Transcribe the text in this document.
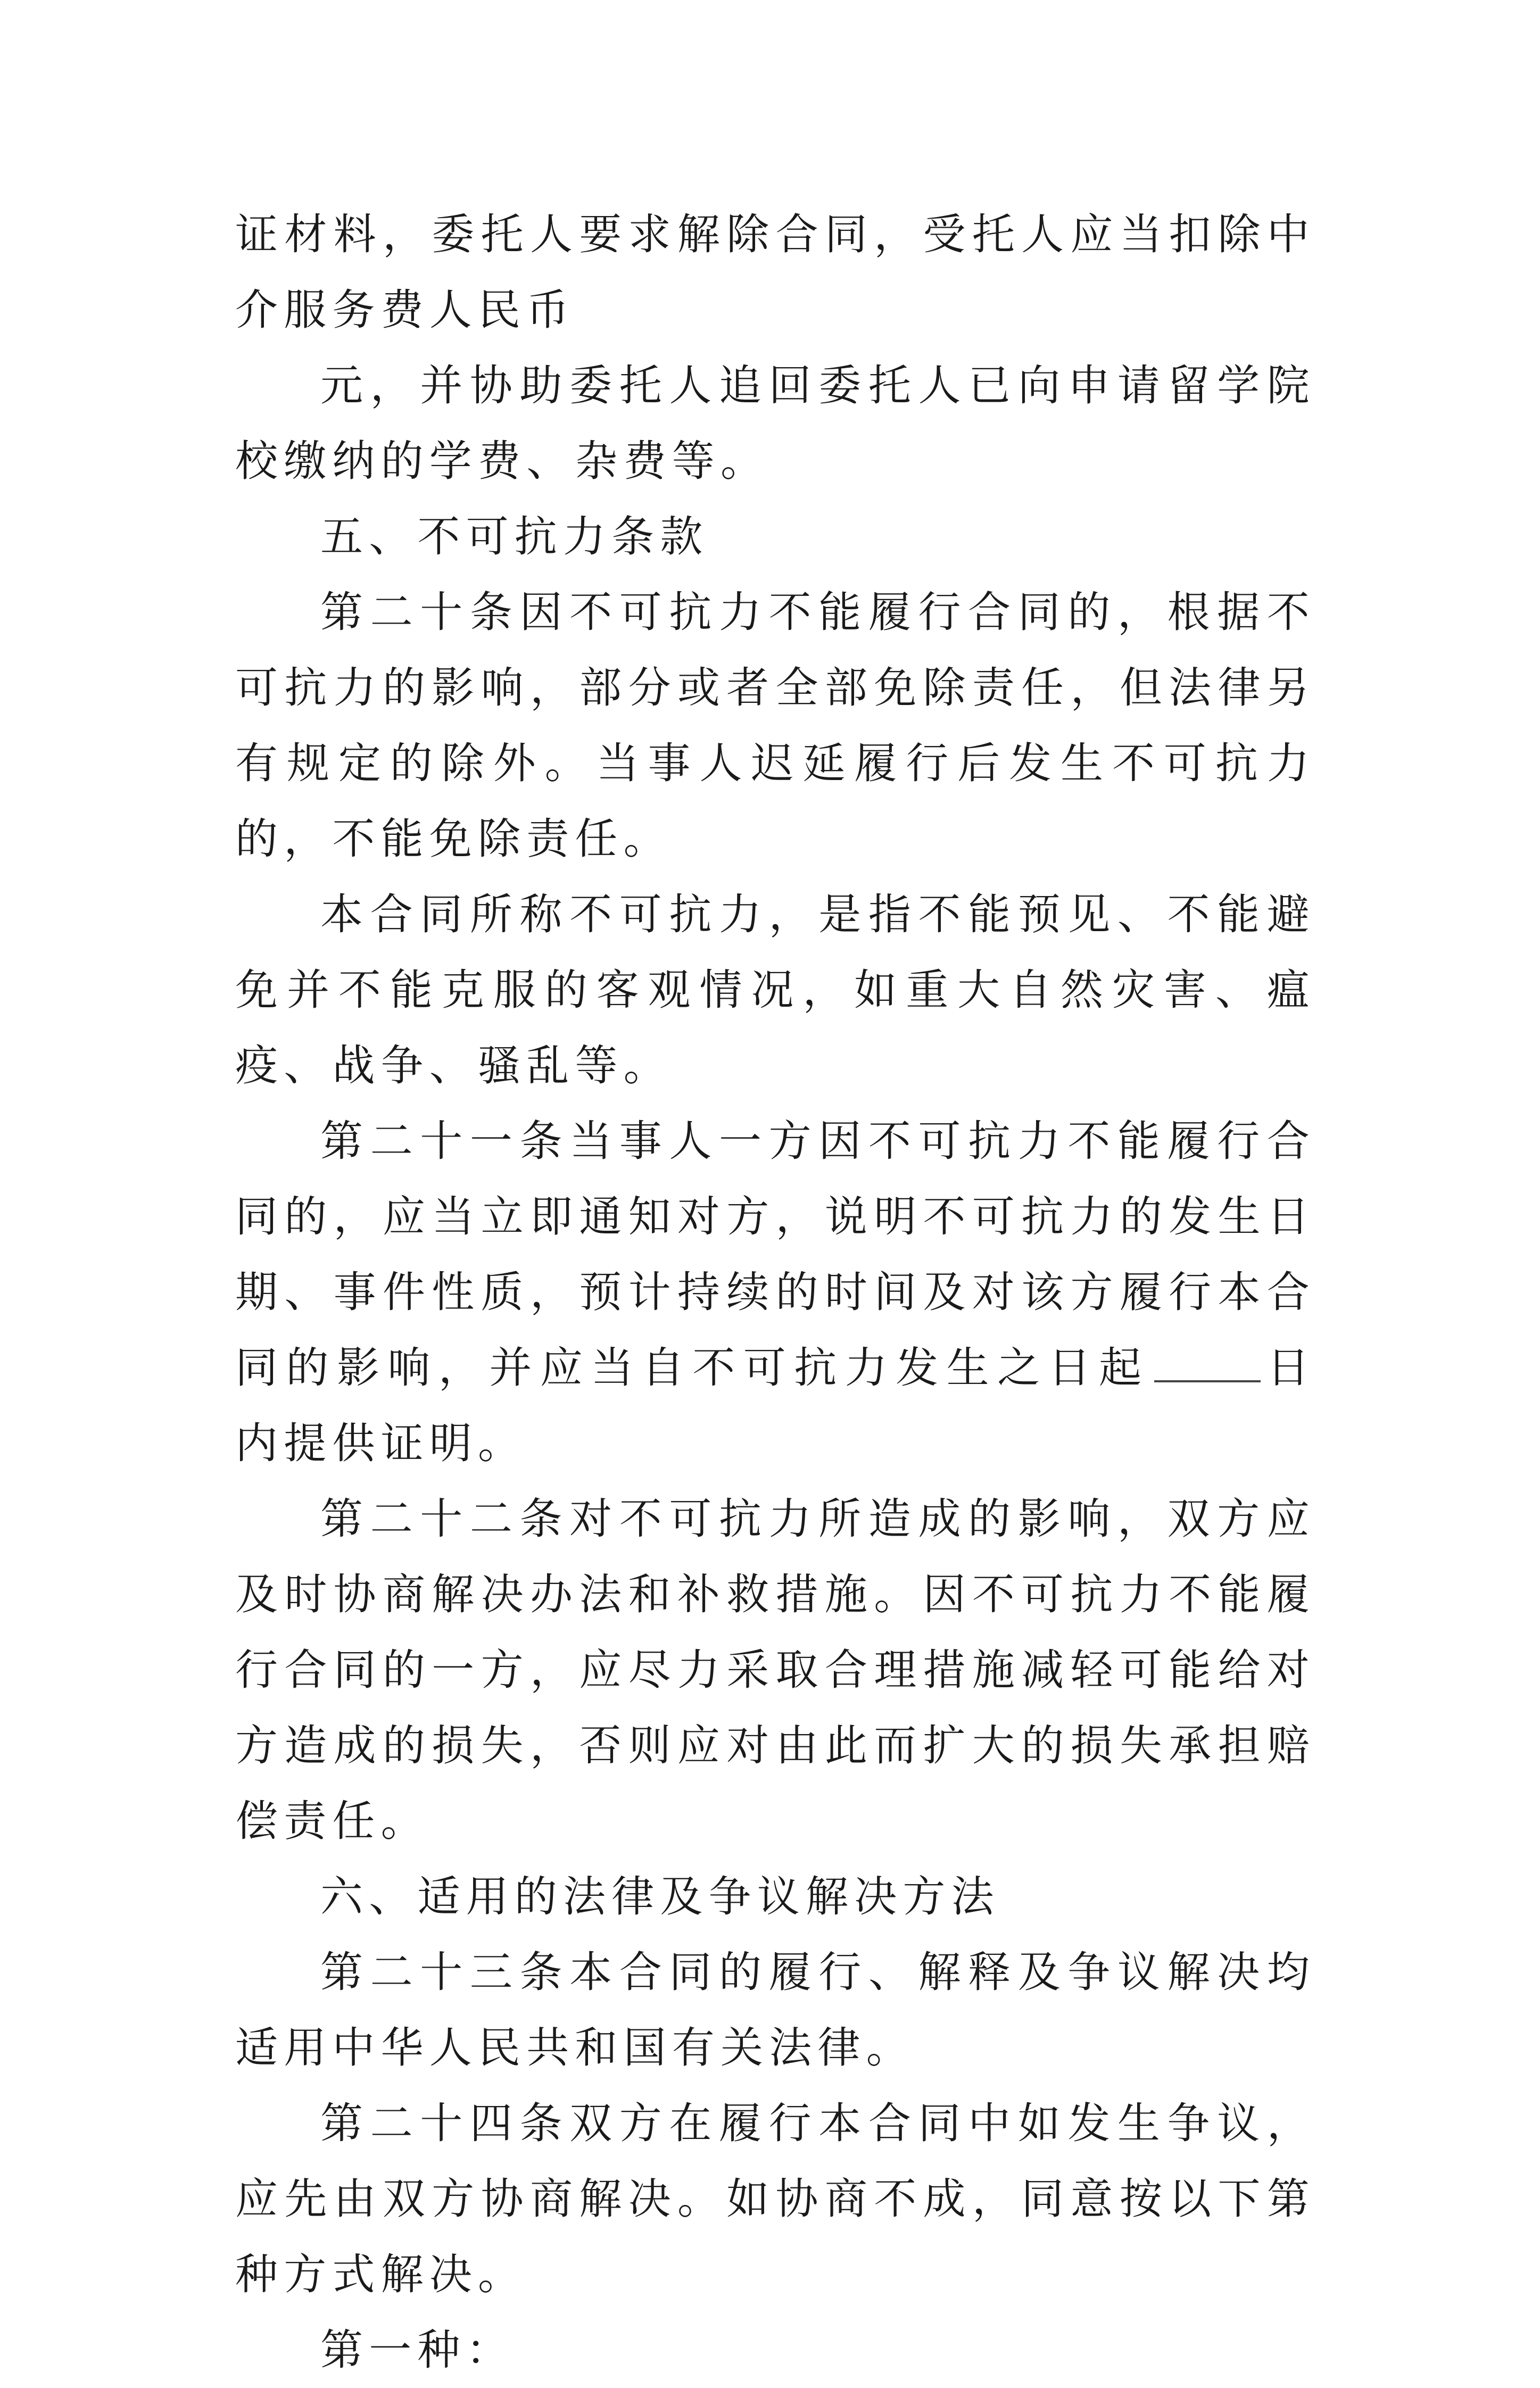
证材料，委托人要求解除合同，受托人应当扣除中介服务费人民币

元，并协助委托人追回委托人已向申请留学院校缴纳的学费、杂费等。

五、不可抗力条款

第二十条因不可抗力不能履行合同的，根据不可抗力的影响，部分或者全部免除责任，但法律另有规定的除外。当事人迟延履行后发生不可抗力的，不能免除责任。

本合同所称不可抗力，是指不能预见、不能避免并不能克服的客观情况，如重大自然灾害、瘟疫、战争、骚乱等。

第二十一条当事人一方因不可抗力不能履行合同的，应当立即通知对方，说明不可抗力的发生日期、事件性质，预计持续的时间及对该方履行本合同的影响，并应当自不可抗力发生之日起	日内提供证明。

第二十二条对不可抗力所造成的影响，双方应及时协商解决办法和补救措施。因不可抗力不能履行合同的一方，应尽力采取合理措施减轻可能给对方造成的损失，否则应对由此而扩大的损失承担赔偿责任。

六、适用的法律及争议解决方法

第二十三条本合同的履行、解释及争议解决均适用中华人民共和国有关法律。

第二十四条双方在履行本合同中如发生争议，应先由双方协商解决。如协商不成，同意按以下第 种方式解决。

第一种：
